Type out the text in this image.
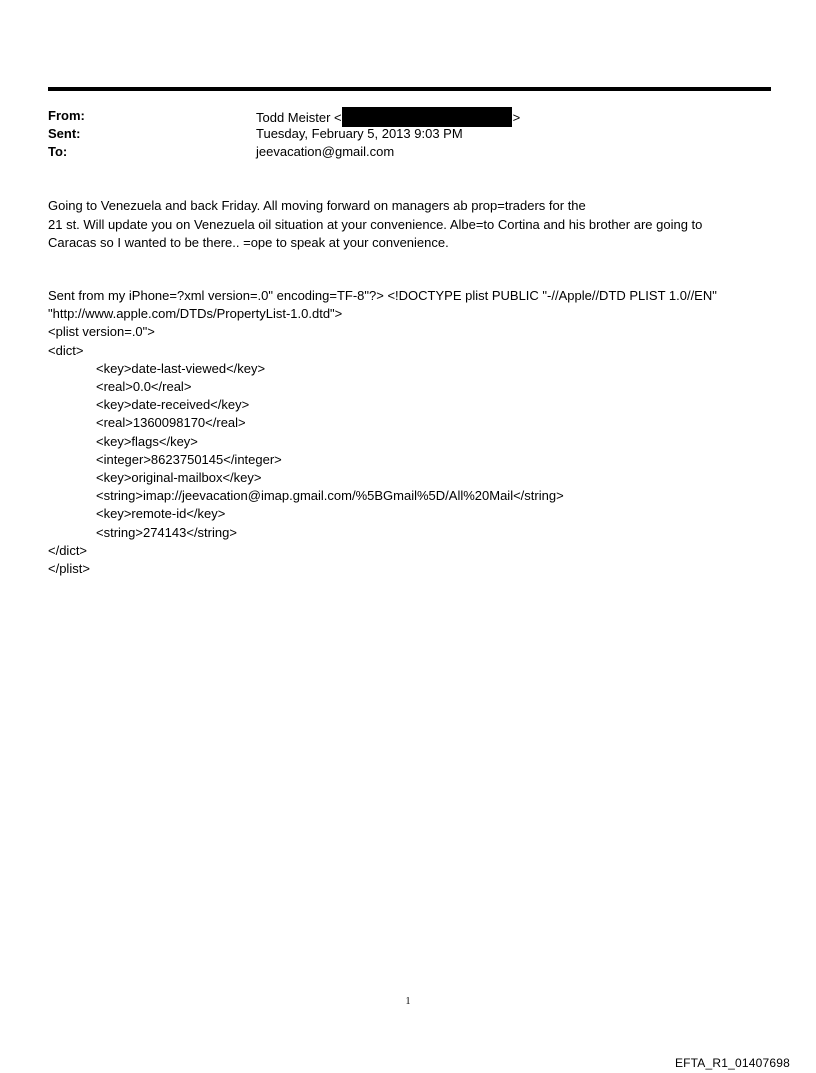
From:	Todd Meister <	>
Sent:	Tuesday, February 5, 2013 9:03 PM
To:	jeevacation@gmail.com

Going to Venezuela and back Friday. All moving forward on managers ab prop=traders for the

21 st. Will update you on Venezuela oil situation at your convenience. Albe=to Cortina and his brother are going to

Caracas so I wanted to be there.. =ope to speak at your convenience.

Sent from my iPhone=?xml version=.0" encoding=TF-8"?> <!DOCTYPE plist PUBLIC "-//Apple//DTD PLIST 1.0//EN"
"http://www.apple.com/DTDs/PropertyList-1.0.dtd">
<plist version=.0">
<dict>
<key>date-last-viewed</key>
<real>0.0</real>
<key>date-received</key>
<real>1360098170</real>
<key>flags</key>
<integer>8623750145</integer>
<key>original-mailbox</key>
<string>imap://jeevacation@imap.gmail.com/%5BGmail%5D/All%20Mail</string>
<key>remote-id</key>
<string>274143</string>
</dict>
</plist>
1
EFTA_R1_01407698
